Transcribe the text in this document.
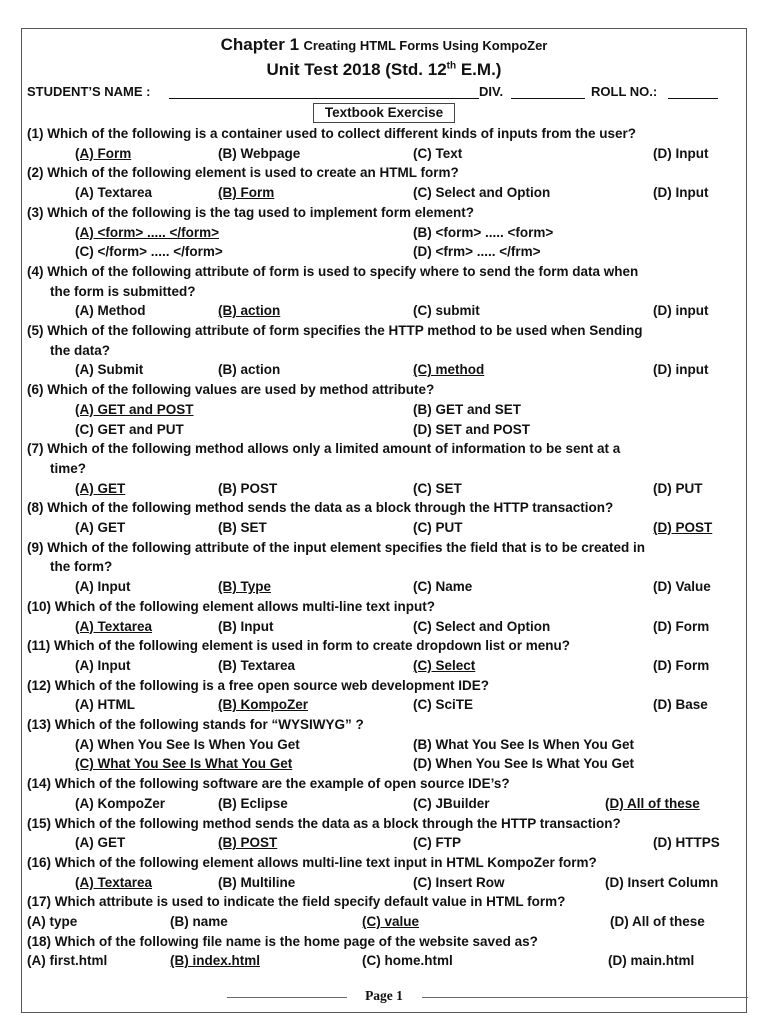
Chapter 1 Creating HTML Forms Using KompoZer
Unit Test 2018 (Std. 12th E.M.)
STUDENT’S NAME :	DIV.	ROLL NO.:
Textbook Exercise
(1) Which of the following is a container used to collect different kinds of inputs from the user?
(A) Form	(B) Webpage	(C) Text	(D) Input
(2) Which of the following element is used to create an HTML form?
(A) Textarea	(B) Form	(C) Select and Option	(D) Input
(3) Which of the following is the tag used to implement form element?
(A) <form> ..... </form>	(B) <form> ..... <form>
(C) </form> ..... </form>	(D) <frm> ..... </frm>
(4) Which of the following attribute of form is used to specify where to send the form data when
the form is submitted?
(A) Method	(B) action	(C) submit	(D) input
(5) Which of the following attribute of form specifies the HTTP method to be used when Sending
the data?
(A) Submit	(B) action	(C) method	(D) input
(6) Which of the following values are used by method attribute?
(A) GET and POST	(B) GET and SET
(C) GET and PUT	(D) SET and POST
(7) Which of the following method allows only a limited amount of information to be sent at a
time?
(A) GET	(B) POST	(C) SET	(D) PUT
(8) Which of the following method sends the data as a block through the HTTP transaction?
(A) GET	(B) SET	(C) PUT	(D) POST
(9) Which of the following attribute of the input element specifies the field that is to be created in
the form?
(A) Input	(B) Type	(C) Name	(D) Value
(10) Which of the following element allows multi-line text input?
(A) Textarea	(B) Input	(C) Select and Option	(D) Form
(11) Which of the following element is used in form to create dropdown list or menu?
(A) Input	(B) Textarea	(C) Select	(D) Form
(12) Which of the following is a free open source web development IDE?
(A) HTML	(B) KompoZer	(C) SciTE	(D) Base
(13) Which of the following stands for “WYSIWYG” ?
(A) When You See Is When You Get	(B) What You See Is When You Get
(C) What You See Is What You Get	(D) When You See Is What You Get
(14) Which of the following software are the example of open source IDE’s?
(A) KompoZer	(B) Eclipse	(C) JBuilder	(D) All of these
(15) Which of the following method sends the data as a block through the HTTP transaction?
(A) GET	(B) POST	(C) FTP	(D) HTTPS
(16) Which of the following element allows multi-line text input in HTML KompoZer form?
(A) Textarea	(B) Multiline	(C) Insert Row	(D) Insert Column
(17) Which attribute is used to indicate the field specify default value in HTML form?
(A) type	(B) name	(C) value	(D) All of these
(18) Which of the following file name is the home page of the website saved as?
(A) first.html	(B) index.html	(C) home.html	(D) main.html
Page 1
